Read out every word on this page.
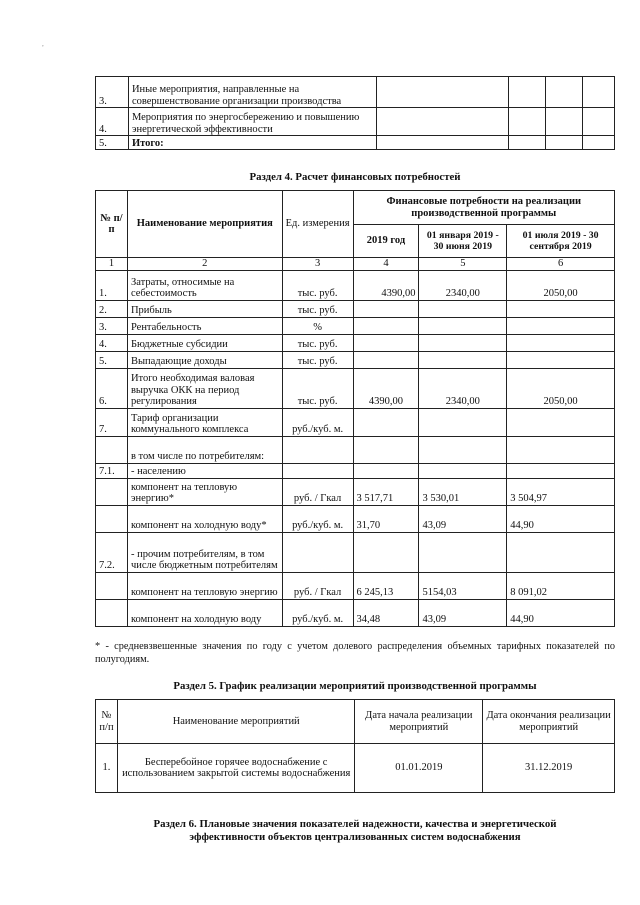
,
3.	Иные мероприятия, направленные на совершенствование организации производства				
4.	Мероприятия по энергосбережению и повышению энергетической эффективности				
5.	Итого:				
Раздел 4. Расчет финансовых потребностей
№ п/п	Наименование мероприятия	Ед. измерения	Финансовые потребности на реализации производственной программы		
			2019 год	01 января 2019 - 30 июня 2019	01 июля 2019 - 30 сентября 2019
1	2	3	4	5	6
1.	Затраты, относимые на себестоимость	тыс. руб.	4390,00	2340,00	2050,00
2.	Прибыль	тыс. руб.			
3.	Рентабельность	%			
4.	Бюджетные субсидии	тыс. руб.			
5.	Выпадающие доходы	тыс. руб.			
6.	Итого необходимая валовая выручка ОКК на период регулирования	тыс. руб.	4390,00	2340,00	2050,00
7.	Тариф организации коммунального комплекса	руб./куб. м.			
	в том числе по потребителям:				
7.1.	- населению				
	компонент на тепловую энергию*	руб. / Гкал	3 517,71	3 530,01	3 504,97
	компонент на холодную воду*	руб./куб. м.	31,70	43,09	44,90
7.2.	- прочим потребителям, в том числе бюджетным потребителям				
	компонент на тепловую энергию	руб. / Гкал	6 245,13	5154,03	8 091,02
	компонент на холодную воду	руб./куб. м.	34,48	43,09	44,90
* - средневзвешенные значения по году с учетом долевого распределения объемных тарифных показателей по полугодиям.
Раздел 5. График реализации мероприятий производственной программы
№ п/п	Наименование мероприятий	Дата начала реализации мероприятий	Дата окончания реализации мероприятий
1.	Бесперебойное горячее водоснабжение с использованием закрытой системы водоснабжения	01.01.2019	31.12.2019
Раздел 6. Плановые значения показателей надежности, качества и энергетической эффективности объектов централизованных систем водоснабжения
